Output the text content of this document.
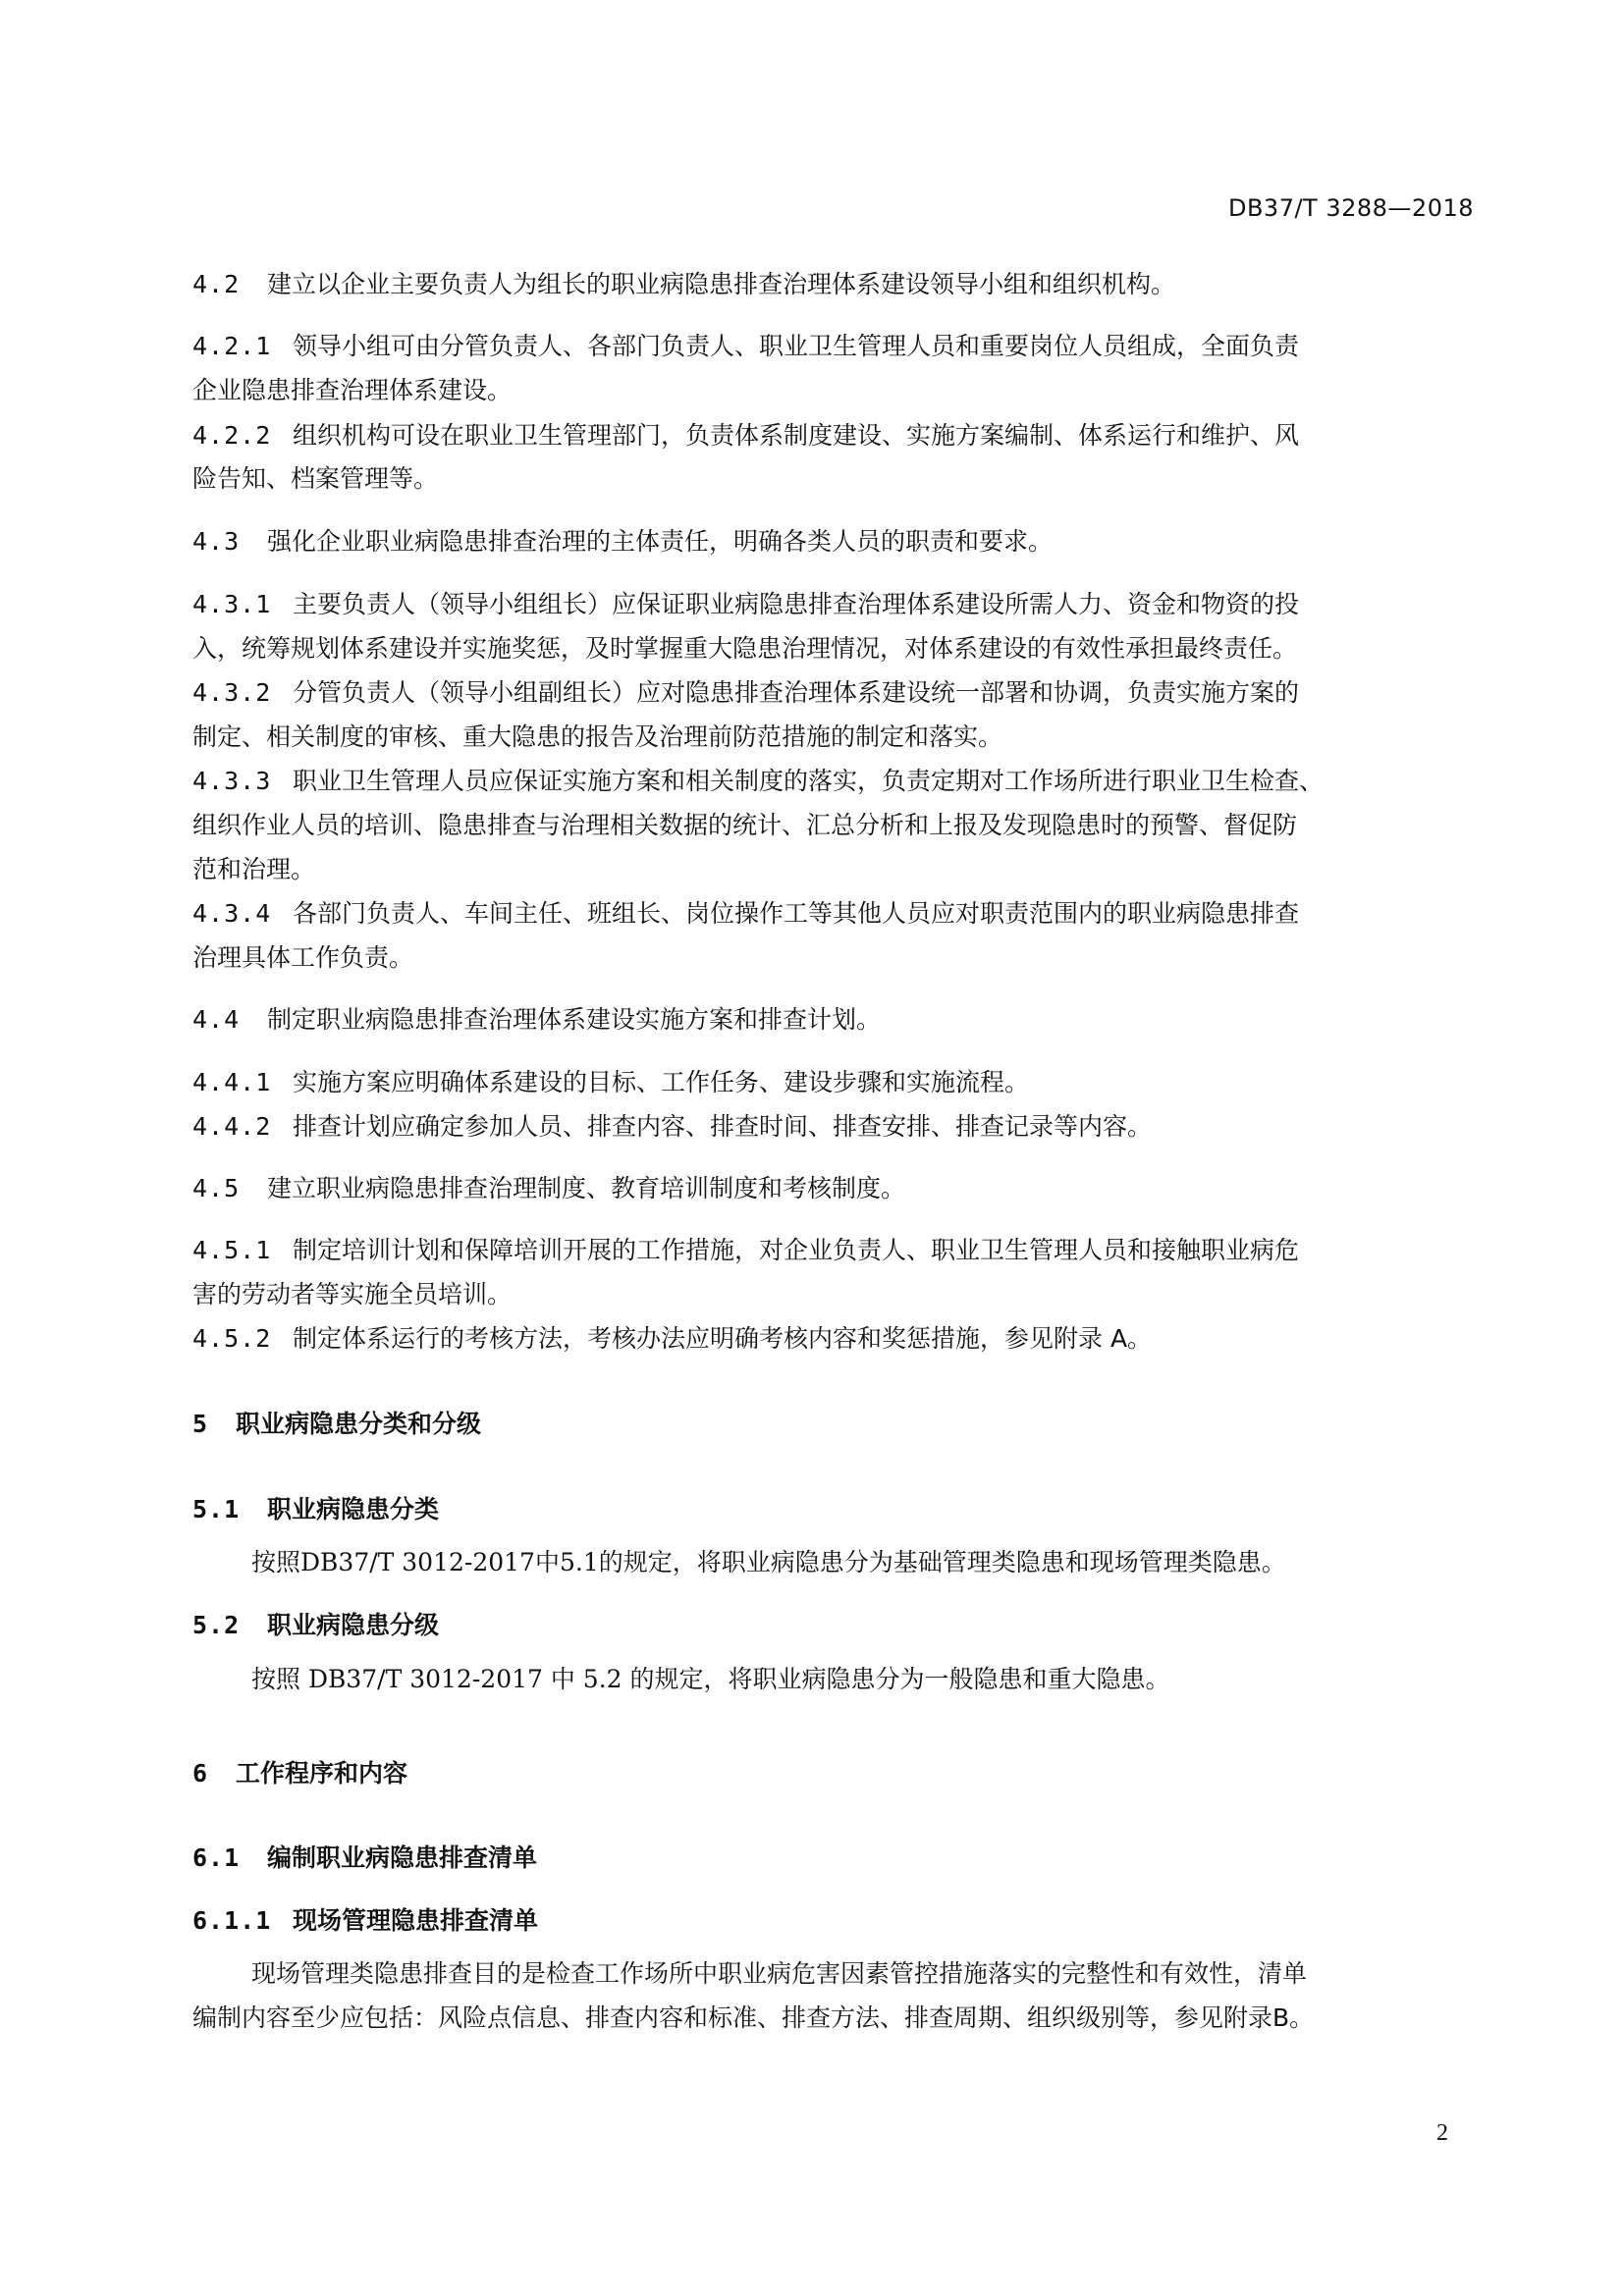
DB37/T 3288—2018
4.2 建立以企业主要负责人为组长的职业病隐患排查治理体系建设领导小组和组织机构。
4.2.1 领导小组可由分管负责人、各部门负责人、职业卫生管理人员和重要岗位人员组成，全面负责
企业隐患排查治理体系建设。
4.2.2 组织机构可设在职业卫生管理部门，负责体系制度建设、实施方案编制、体系运行和维护、风
险告知、档案管理等。
4.3 强化企业职业病隐患排查治理的主体责任，明确各类人员的职责和要求。
4.3.1 主要负责人（领导小组组长）应保证职业病隐患排查治理体系建设所需人力、资金和物资的投
入，统筹规划体系建设并实施奖惩，及时掌握重大隐患治理情况，对体系建设的有效性承担最终责任。
4.3.2 分管负责人（领导小组副组长）应对隐患排查治理体系建设统一部署和协调，负责实施方案的
制定、相关制度的审核、重大隐患的报告及治理前防范措施的制定和落实。
4.3.3 职业卫生管理人员应保证实施方案和相关制度的落实，负责定期对工作场所进行职业卫生检查、
组织作业人员的培训、隐患排查与治理相关数据的统计、汇总分析和上报及发现隐患时的预警、督促防
范和治理。
4.3.4 各部门负责人、车间主任、班组长、岗位操作工等其他人员应对职责范围内的职业病隐患排查
治理具体工作负责。
4.4 制定职业病隐患排查治理体系建设实施方案和排查计划。
4.4.1 实施方案应明确体系建设的目标、工作任务、建设步骤和实施流程。
4.4.2 排查计划应确定参加人员、排查内容、排查时间、排查安排、排查记录等内容。
4.5 建立职业病隐患排查治理制度、教育培训制度和考核制度。
4.5.1 制定培训计划和保障培训开展的工作措施，对企业负责人、职业卫生管理人员和接触职业病危
害的劳动者等实施全员培训。
4.5.2 制定体系运行的考核方法，考核办法应明确考核内容和奖惩措施，参见附录 A。
5 职业病隐患分类和分级
5.1 职业病隐患分类
按照DB37/T 3012-2017中5.1的规定，将职业病隐患分为基础管理类隐患和现场管理类隐患。
5.2 职业病隐患分级
按照 DB37/T 3012-2017 中 5.2 的规定，将职业病隐患分为一般隐患和重大隐患。
6 工作程序和内容
6.1 编制职业病隐患排查清单
6.1.1 现场管理隐患排查清单
现场管理类隐患排查目的是检查工作场所中职业病危害因素管控措施落实的完整性和有效性，清单
编制内容至少应包括：风险点信息、排查内容和标准、排查方法、排查周期、组织级别等，参见附录B。
2
